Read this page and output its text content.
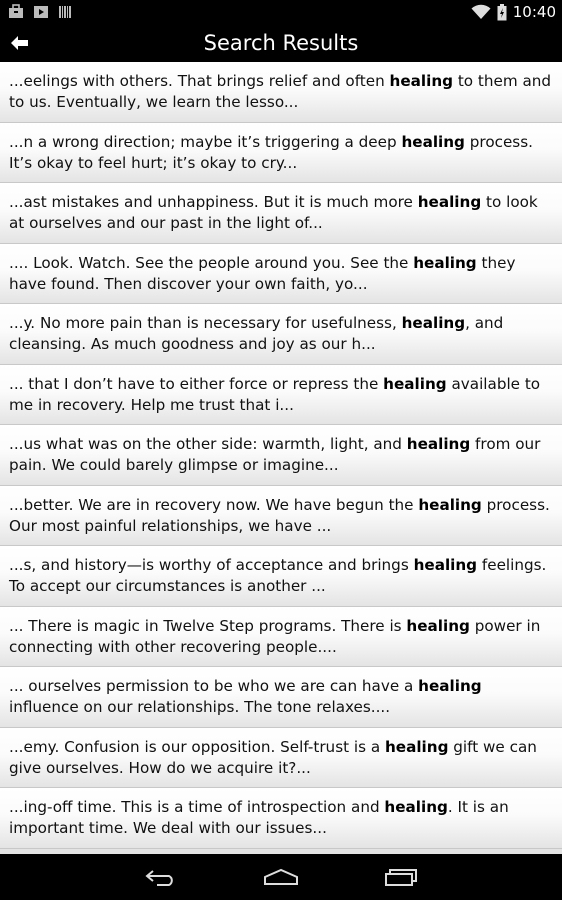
10:40
Search Results
...eelings with others. That brings relief and often healing to them and to us. Eventually, we learn the lesso...
...n a wrong direction; maybe it’s triggering a deep healing process. It’s okay to feel hurt; it’s okay to cry...
...ast mistakes and unhappiness. But it is much more healing to look at ourselves and our past in the light of...
.... Look. Watch. See the people around you. See the healing they have found. Then discover your own faith, yo...
...y. No more pain than is necessary for usefulness, healing, and cleansing. As much goodness and joy as our h...
... that I don’t have to either force or repress the healing available to me in recovery. Help me trust that i...
...us what was on the other side: warmth, light, and healing from our pain. We could barely glimpse or imagine...
...better. We are in recovery now. We have begun the healing process. Our most painful relationships, we have ...
...s, and history—is worthy of acceptance and brings healing feelings. To accept our circumstances is another ...
... There is magic in Twelve Step programs. There is healing power in connecting with other recovering people....
... ourselves permission to be who we are can have a healing influence on our relationships. The tone relaxes....
...emy. Confusion is our opposition. Self-trust is a healing gift we can give ourselves. How do we acquire it?...
...ing-off time. This is a time of introspection and healing. It is an important time. We deal with our issues...
